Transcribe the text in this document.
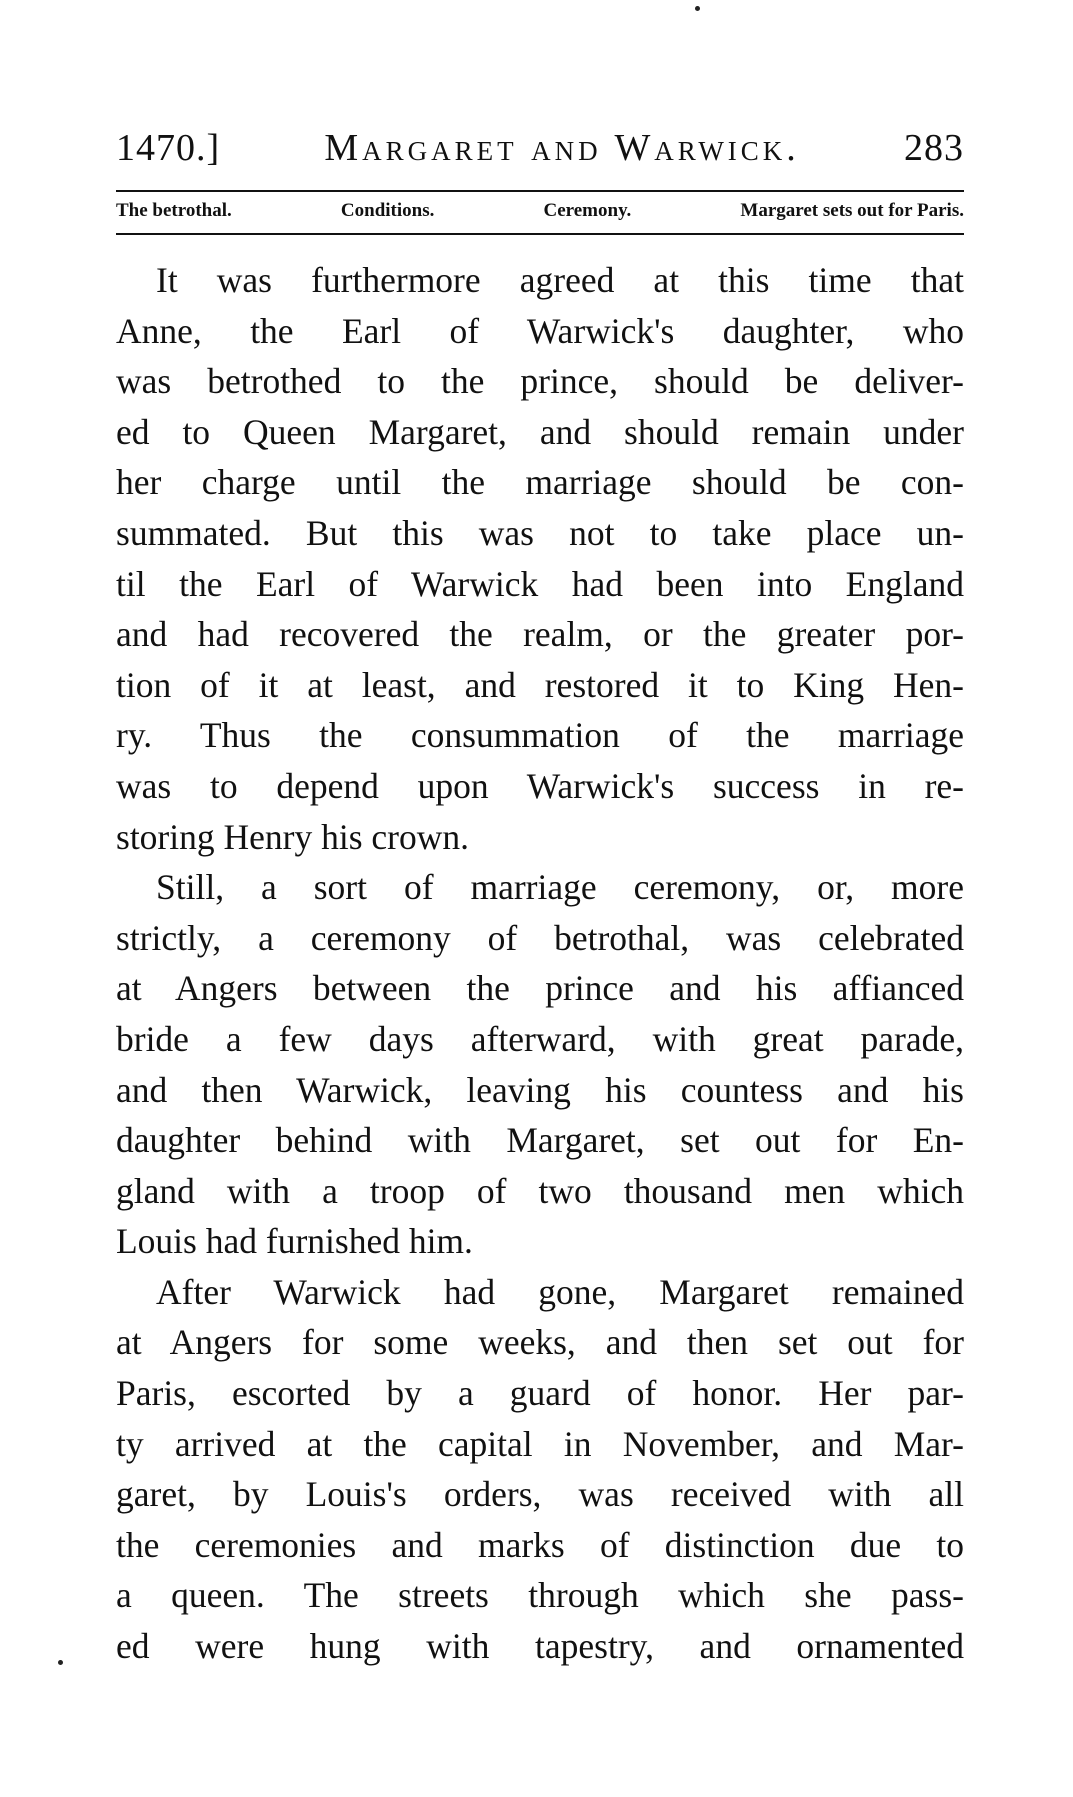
1470.]	Margaret and Warwick.	283
The betrothal.	Conditions.	Ceremony.	Margaret sets out for Paris.
It was furthermore agreed at this time that
Anne, the Earl of Warwick's daughter, who
was betrothed to the prince, should be deliver-
ed to Queen Margaret, and should remain under
her charge until the marriage should be con-
summated. But this was not to take place un-
til the Earl of Warwick had been into England
and had recovered the realm, or the greater por-
tion of it at least, and restored it to King Hen-
ry. Thus the consummation of the marriage
was to depend upon Warwick's success in re-
storing Henry his crown.
Still, a sort of marriage ceremony, or, more
strictly, a ceremony of betrothal, was celebrated
at Angers between the prince and his affianced
bride a few days afterward, with great parade,
and then Warwick, leaving his countess and his
daughter behind with Margaret, set out for En-
gland with a troop of two thousand men which
Louis had furnished him.
After Warwick had gone, Margaret remained
at Angers for some weeks, and then set out for
Paris, escorted by a guard of honor. Her par-
ty arrived at the capital in November, and Mar-
garet, by Louis's orders, was received with all
the ceremonies and marks of distinction due to
a queen. The streets through which she pass-
ed were hung with tapestry, and ornamented
